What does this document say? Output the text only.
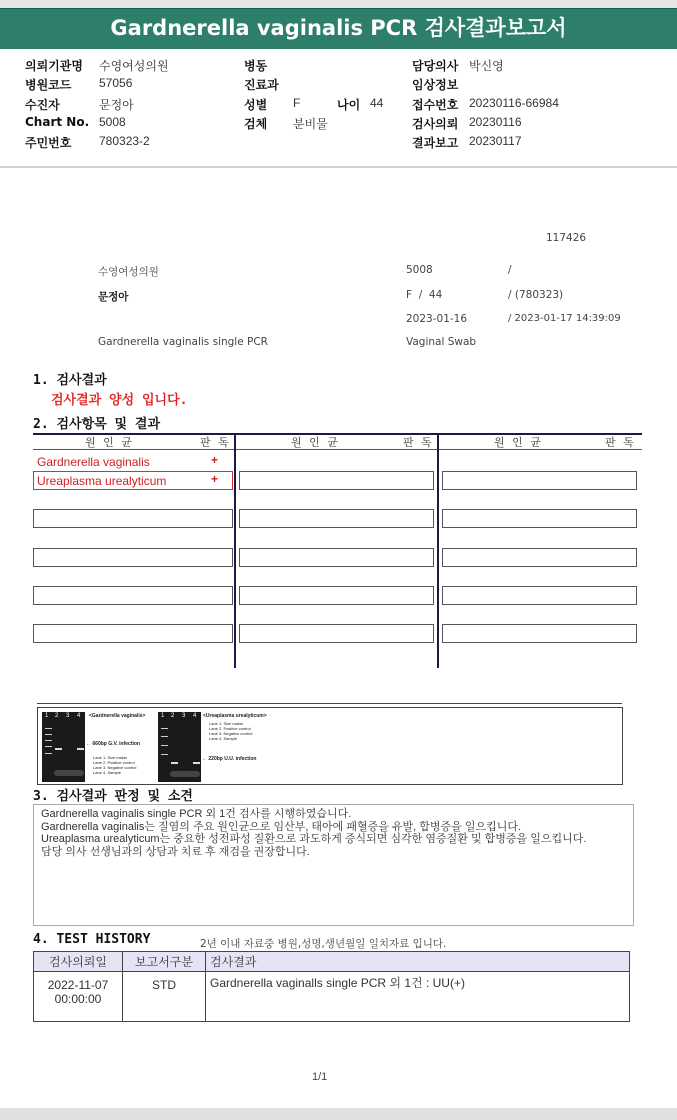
Gardnerella vaginalis PCR 검사결과보고서
의뢰기관명 수영여성의원
병원코드 57056
수진자	문정아
Chart No. 5008
주민번호 780323-2
병동
진료과
성별 F	나이 44
검체 분비물
담당의사 박신영
임상정보
접수번호 20230116-66984
검사의뢰 20230116
결과보고 20230117
117426
수영여성의원	5008	/
문정아	F  /  44	/ (780323)
2023-01-16	/ 2023-01-17 14:39:09
Gardnerella vaginalis single PCR	Vaginal Swab
1. 검사결과
검사결과 양성 입니다.
2. 검사항목 및 결과
원 인 균	판 독	원 인 균	판 독	원 인 균	판 독
Gardnerella vaginalis	+
Ureaplasma urealyticum	+
1 2 3 4 <Gardnerella vaginalis>
← 660bp G.V. infection
Lane 1. Size maker
Lane 2. Positive control
Lane 3. Negative control
Lane 4. Sample
1 2 3 4 <Ureaplasma urealyticum>
Lane 1. Size maker
Lane 2. Positive control
Lane 3. Negative control
Lane 4. Sample
← 220bp U.U. infection
3. 검사결과 판정 및 소견
Gardnerella vaginalis single PCR 외 1건 검사를 시행하였습니다.
Gardnerella vaginalis는 질염의 주요 원인균으로 임산부, 태아에 패혈증을 유발, 합병증을 일으킵니다.
Ureaplasma urealyticum는 중요한 성전파성 질환으로 과도하게 증식되면 심각한 염증질환 및 합병증을 일으킵니다.
담당 의사 선생님과의 상담과 치료 후 재검을 권장합니다.
4. TEST HISTORY	2년 이내 자료중 병원,성명,생년월일 일치자료 입니다.
검사의뢰일	보고서구분	검사결과

2022-11-07
00:00:00	STD	Gardnerella vaginalls single PCR 외 1건 : UU(+)
1/1
